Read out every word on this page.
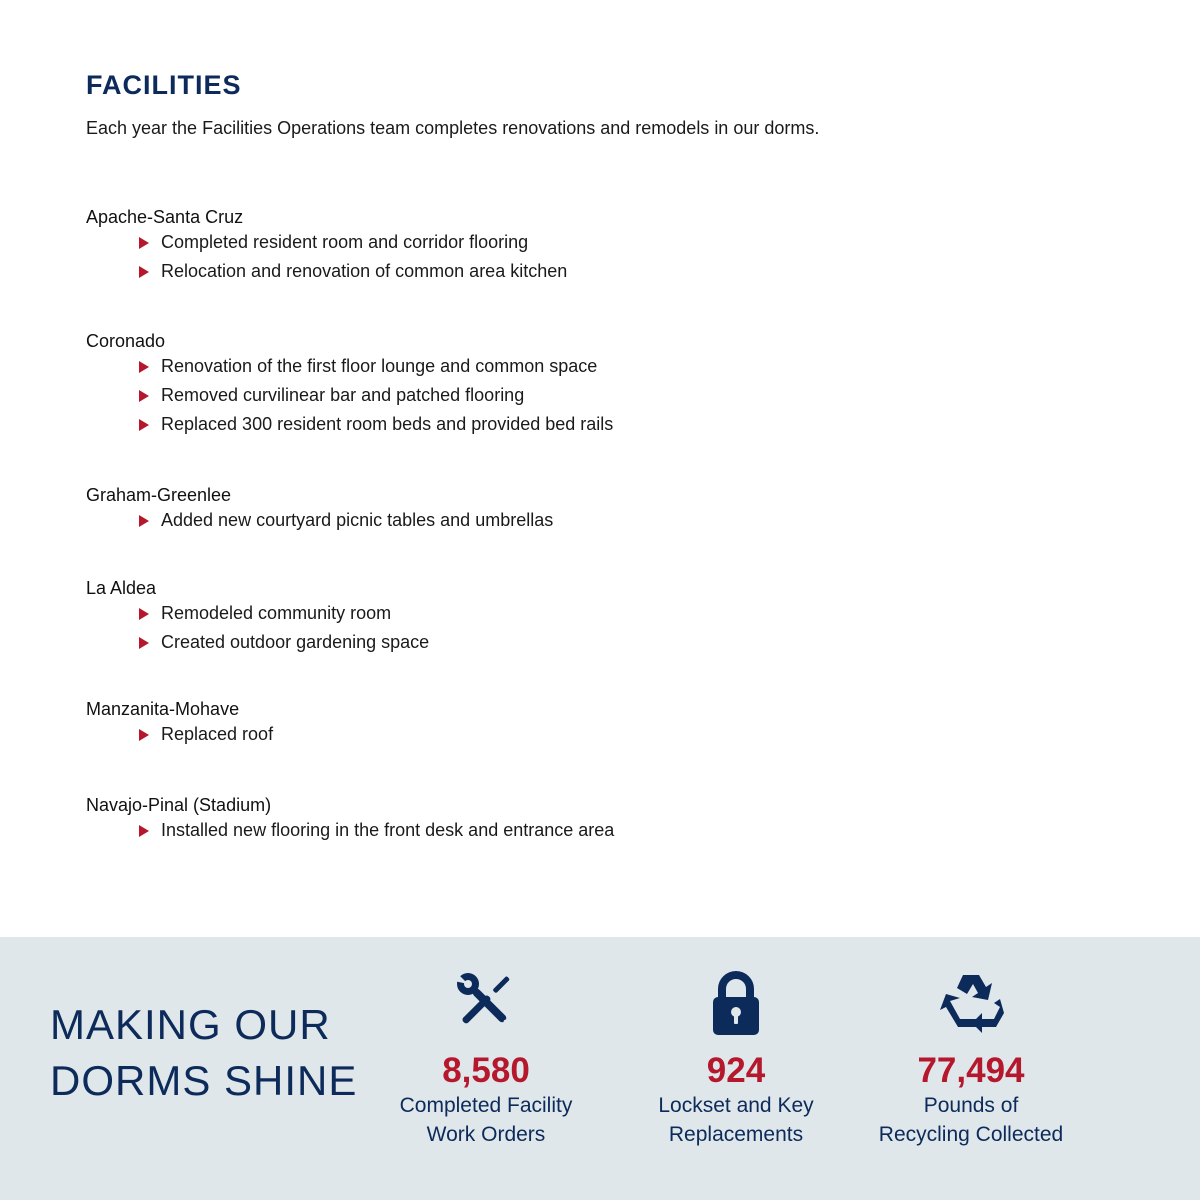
FACILITIES

Each year the Facilities Operations team completes renovations and remodels in our dorms.

Apache-Santa Cruz
Completed resident room and corridor flooring
Relocation and renovation of common area kitchen
Coronado
Renovation of the first floor lounge and common space
Removed curvilinear bar and patched flooring
Replaced 300 resident room beds and provided bed rails
Graham-Greenlee
Added new courtyard picnic tables and umbrellas
La Aldea
Remodeled community room
Created outdoor gardening space
Manzanita-Mohave
Replaced roof
Navajo-Pinal (Stadium)
Installed new flooring in the front desk and entrance area
MAKING OUR
DORMS SHINE	8,580

Completed Facility
Work Orders

924

Lockset and Key
Replacements

77,494

Pounds of
Recycling Collected
